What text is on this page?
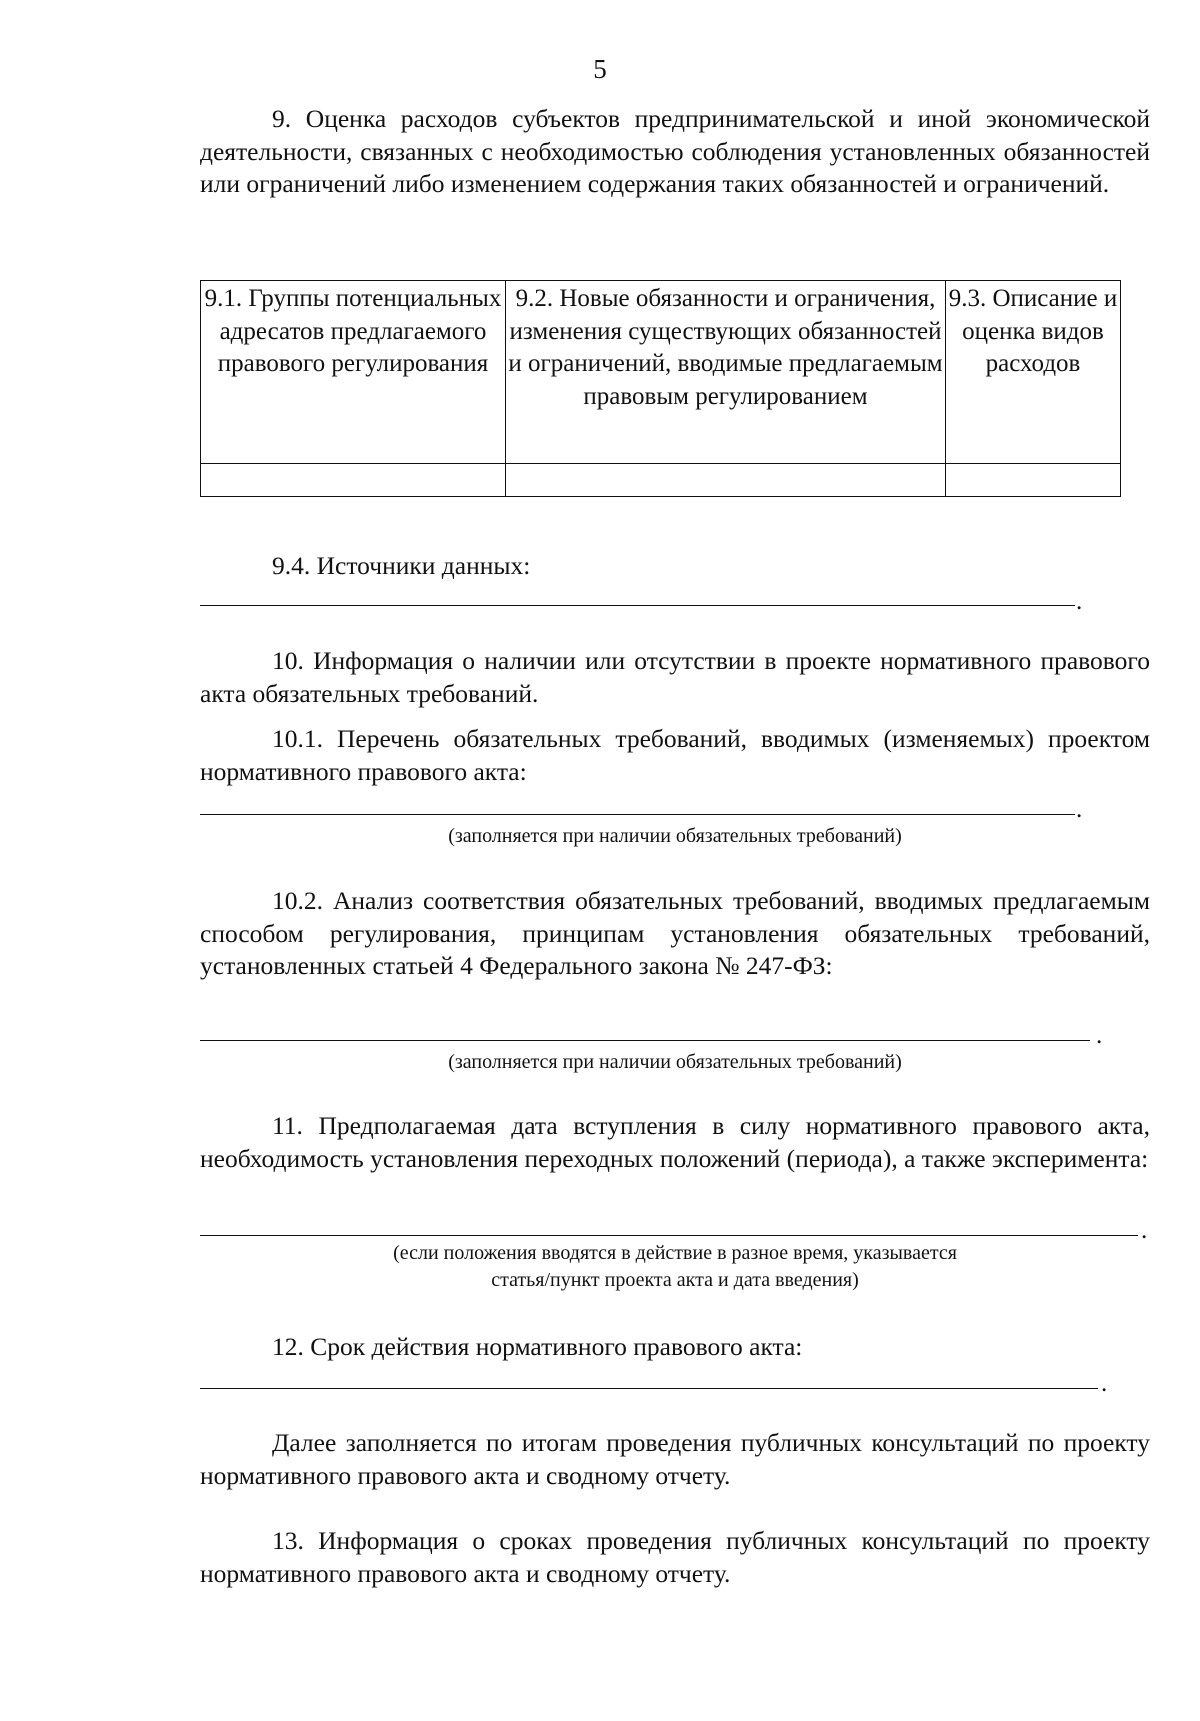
5

9. Оценка расходов субъектов предпринимательской и иной экономической деятельности, связанных с необходимостью соблюдения установленных обязанностей или ограничений либо изменением содержания таких обязанностей и ограничений.

9.1. Группы потенциальных адресатов предлагаемого правового регулирования	9.2. Новые обязанности и ограничения, изменения существующих обязанностей и ограничений, вводимые предлагаемым правовым регулированием	9.3. Описание и оценка видов расходов

9.4. Источники данных:

.

10. Информация о наличии или отсутствии в проекте нормативного правового акта обязательных требований.

10.1. Перечень обязательных требований, вводимых (изменяемых) проектом нормативного правового акта:

.

(заполняется при наличии обязательных требований)

10.2. Анализ соответствия обязательных требований, вводимых предлагаемым способом регулирования, принципам установления обязательных требований, установленных статьей 4 Федерального закона № 247-ФЗ:

.

(заполняется при наличии обязательных требований)

11. Предполагаемая дата вступления в силу нормативного правового акта, необходимость установления переходных положений (периода), а также эксперимента:

.

(если положения вводятся в действие в разное время, указывается

статья/пункт проекта акта и дата введения)

12. Срок действия нормативного правового акта:

.

Далее заполняется по итогам проведения публичных консультаций по проекту нормативного правового акта и сводному отчету.

13. Информация о сроках проведения публичных консультаций по проекту нормативного правового акта и сводному отчету.
